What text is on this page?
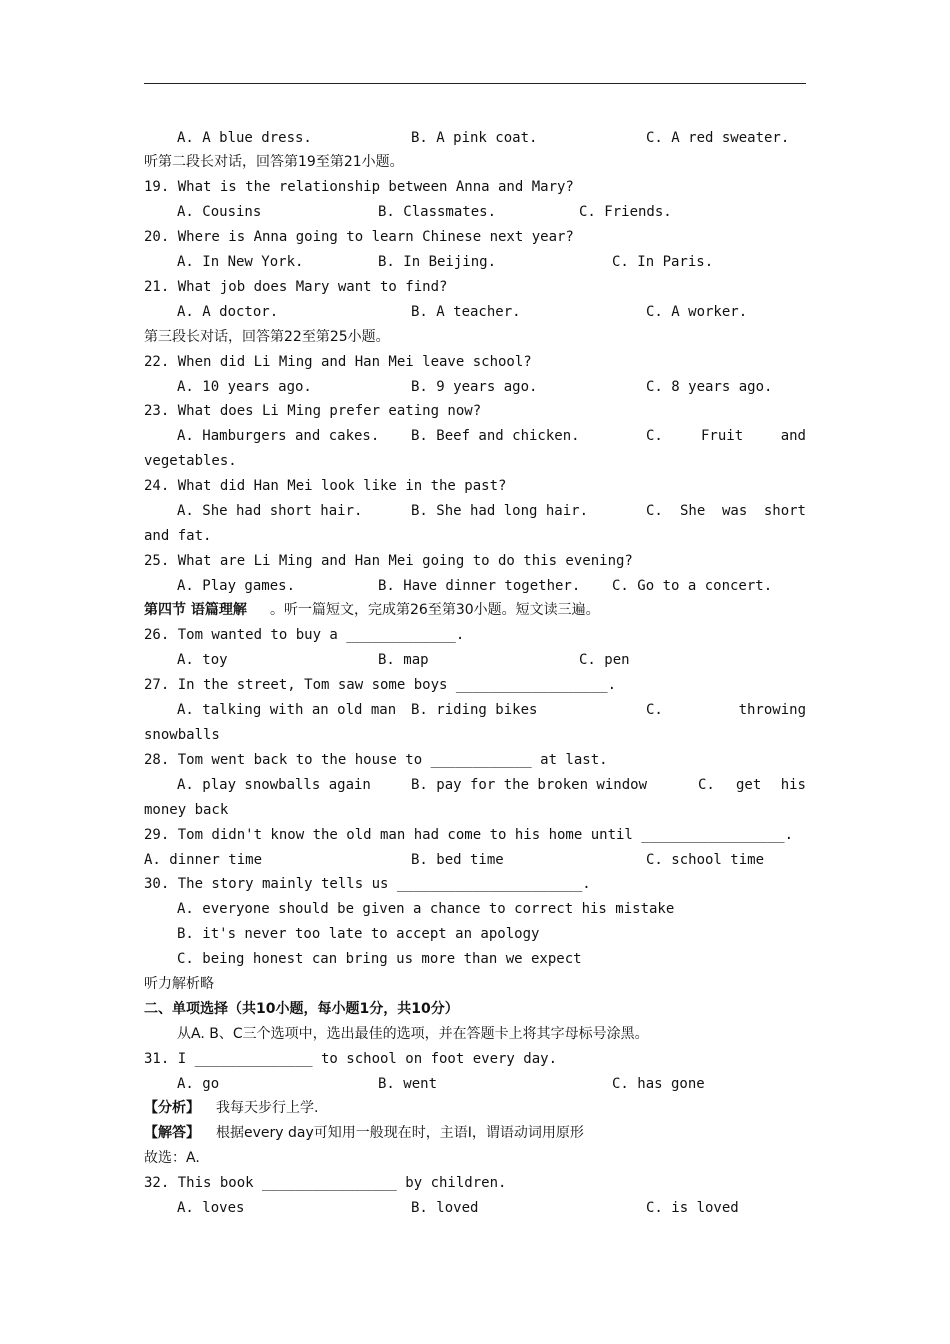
A. A blue dress.

	B. A pink coat.

	C. A red sweater.

听第二段长对话，回答第19至第21小题。
19. What is the relationship between Anna and Mary?

A. Cousins

	B. Classmates.

	C. Friends.

20. Where is Anna going to learn Chinese next year?

A. In New York.

	B. In Beijing.

	C. In Paris.

21. What job does Mary want to find?

A. A doctor.

	B. A teacher.

	C. A worker.

第三段长对话，回答第22至第25小题。
22. When did Li Ming and Han Mei leave school?

A. 10 years ago.

	B. 9 years ago.

	C. 8 years ago.

23. What does Li Ming prefer eating now?

A. Hamburgers and cakes.

B. Beef and chicken.

	C.

	Fruit

	and

vegetables.
24. What did Han Mei look like in the past?

A. She had short hair.

	B. She had long hair.

	C.

She

was

short

and fat.
25. What are Li Ming and Han Mei going to do this evening?

A. Play games.

	B. Have dinner together.

C. Go to a concert.

第四节 语篇理解 。听一篇短文，完成第26至第30小题。短文读三遍。
26. Tom wanted to buy a _____________.

A. toy

	B. map

	C. pen

27. In the street, Tom saw some boys __________________.

A. talking with an old man

B. riding bikes

	C.

	throwing

snowballs
28. Tom went back to the house to ____________ at last.

A. play snowballs again

	B. pay for the broken window

	C.

get

his

money back
29. Tom didn't know the old man had come to his home until _________________.

A. dinner time

	B. bed time

	C. school time

30. The story mainly tells us ______________________.
A. everyone should be given a chance to correct his mistake
B. it's never too late to accept an apology
C. being honest can bring us more than we expect
听力解析略
二、单项选择（共10小题，每小题1分，共10分）
从A. B、C三个选项中，选出最佳的选项，并在答题卡上将其字母标号涂黑。
31. I ______________ to school on foot every day.

A. go

	B. went

	C. has gone

【分析】 我每天步行上学.
【解答】 根据every day可知用一般现在时，主语I，谓语动词用原形
故选：A.
32. This book ________________ by children.

A. loves

	B. loved

	C. is loved
